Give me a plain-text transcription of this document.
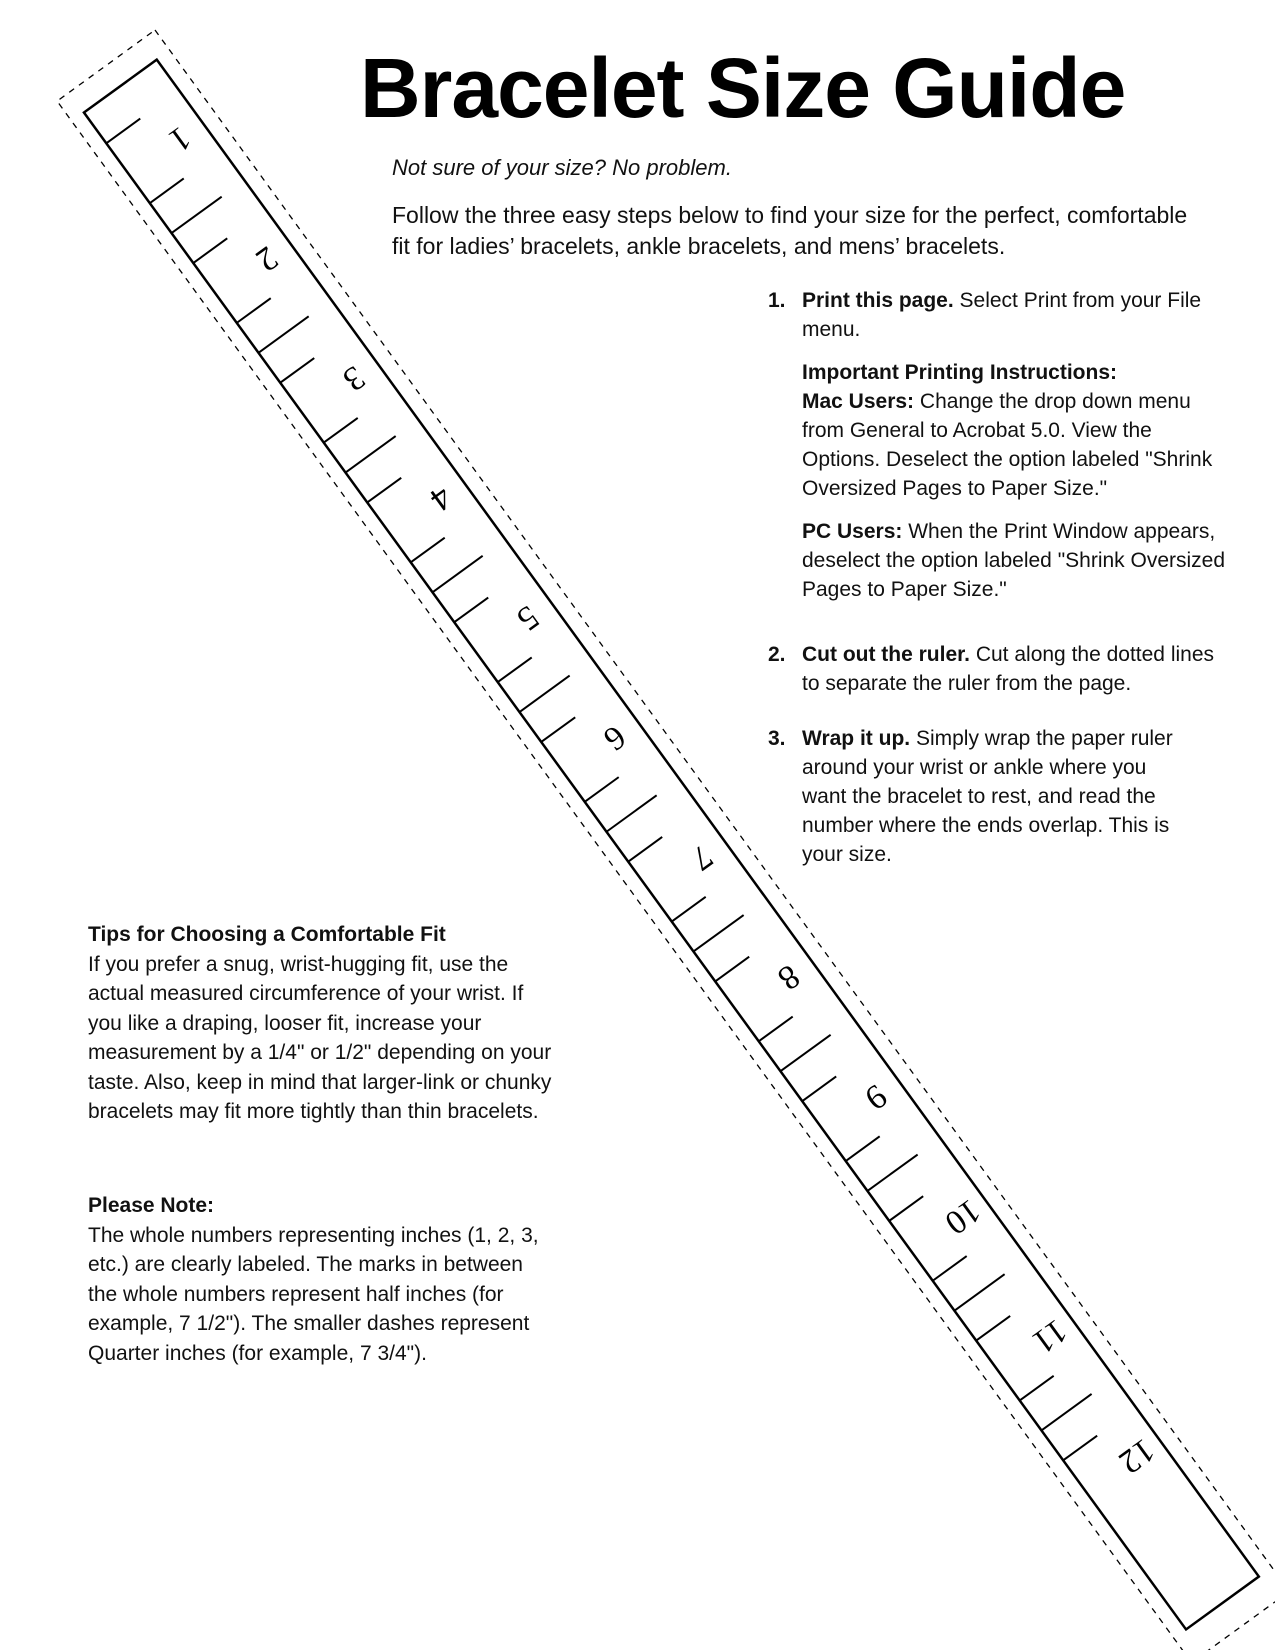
1
2
3
4
5
6
7
8
9
10
11
12
Bracelet Size Guide
Not sure of your size? No problem.
Follow the three easy steps below to find your size for the perfect, comfortable fit for ladies’ bracelets, ankle bracelets, and mens’ bracelets.
1. Print this page. Select Print from your File menu.
Important Printing Instructions:
Mac Users: Change the drop down menu from General to Acrobat 5.0. View the Options. Deselect the option labeled "Shrink Oversized Pages to Paper Size."
PC Users: When the Print Window appears, deselect the option labeled "Shrink Oversized Pages to Paper Size."
2. Cut out the ruler. Cut along the dotted lines to separate the ruler from the page.
3. Wrap it up. Simply wrap the paper ruler around your wrist or ankle where you want the bracelet to rest, and read the number where the ends overlap. This is your size.
Tips for Choosing a Comfortable Fit
If you prefer a snug, wrist-hugging fit, use the actual measured circumference of your wrist. If you like a draping, looser fit, increase your measurement by a 1/4" or 1/2" depending on your taste. Also, keep in mind that larger-link or chunky bracelets may fit more tightly than thin bracelets.
Please Note:
The whole numbers representing inches (1, 2, 3, etc.) are clearly labeled. The marks in between the whole numbers represent half inches (for example, 7 1/2"). The smaller dashes represent Quarter inches (for example, 7 3/4").
